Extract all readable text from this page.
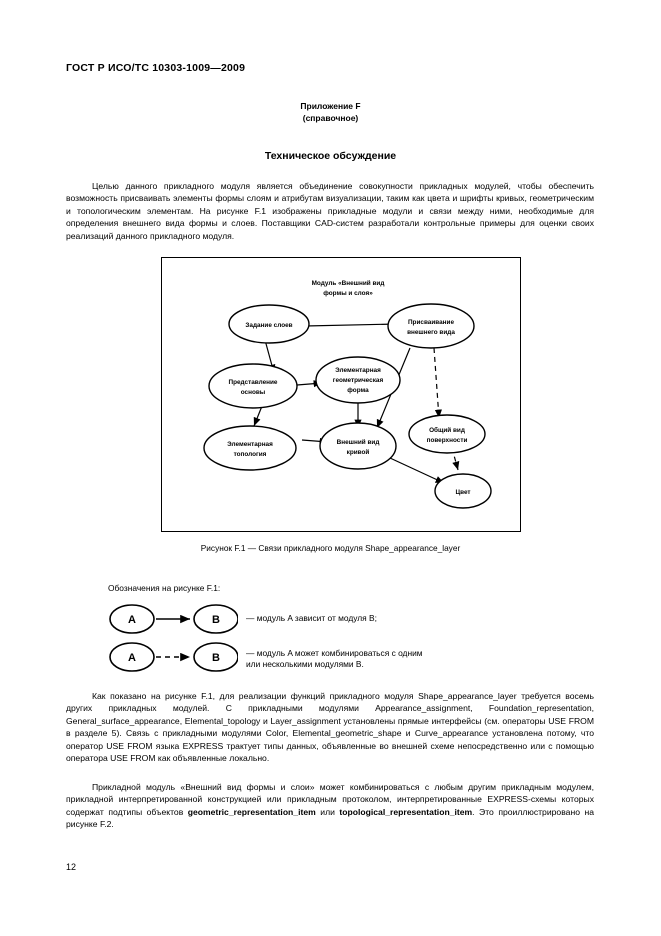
ГОСТ Р ИСО/ТС 10303-1009—2009
Приложение F
(справочное)
Техническое обсуждение

Целью данного прикладного модуля является объединение совокупности прикладных модулей, чтобы обеспечить возможность присваивать элементы формы слоям и атрибутам визуализации, таким как цвета и шрифты кривых, геометрическим и топологическим элементам. На рисунке F.1 изображены прикладные модули и связи между ними, необходимые для определения внешнего вида формы и слоев. Поставщики CAD-систем разработали контрольные примеры для оценки своих реализаций данного прикладного модуля.

Модуль «Внешний вид
формы и слоя»
Задание слоев	Присваивание
внешнего вида
Представление
основы
Элементарная
геометрическая
форма
Элементарная
топология
Внешний вид
кривой
Общий вид
поверхности
Цвет
Рисунок F.1 — Связи прикладного модуля Shape_appearance_layer
Обозначения на рисунке F.1:
A	B
A	B
— модуль A зависит от модуля B;
— модуль A может комбинироваться с одним
или несколькими модулями B.

Как показано на рисунке F.1, для реализации функций прикладного модуля Shape_appearance_layer требуется восемь других прикладных модулей. С прикладными модулями Appearance_assignment, Foundation_representation, General_surface_appearance, Elemental_topology и Layer_assignment установлены прямые интерфейсы (см. операторы USE FROM в разделе 5). Связь с прикладными модулями Color, Elemental_geometric_shape и Curve_appearance установлена потому, что оператор USE FROM языка EXPRESS трактует типы данных, объявленные во внешней схеме непосредственно или с помощью оператора USE FROM как объявленные локально.

Прикладной модуль «Внешний вид формы и слои» может комбинироваться с любым другим прикладным модулем, прикладной интерпретированной конструкцией или прикладным протоколом, интерпретированные EXPRESS-схемы которых содержат подтипы объектов geometric_representation_item или topological_representation_item. Это проиллюстрировано на рисунке F.2.

12
